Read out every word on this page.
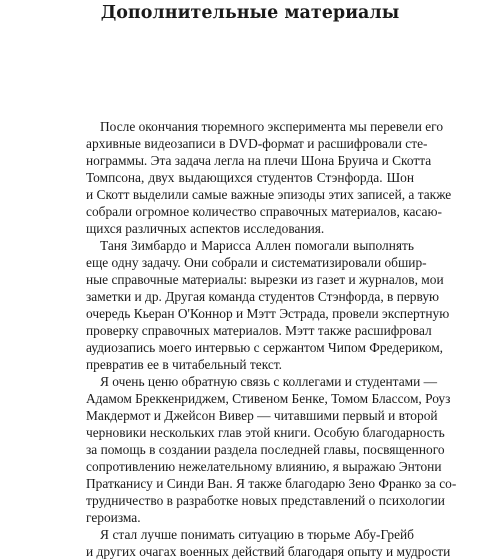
Дополнительные материалы
После окончания тюремного эксперимента мы перевели его
архивные видеозаписи в DVD-формат и расшифровали сте-
нограммы. Эта задача легла на плечи Шона Бруича и Скотта
Томпсона, двух выдающихся студентов Стэнфорда. Шон
и Скотт выделили самые важные эпизоды этих записей, а также
собрали огромное количество справочных материалов, касаю-
щихся различных аспектов исследования.
Таня Зимбардо и Марисса Аллен помогали выполнять
еще одну задачу. Они собрали и систематизировали обшир-
ные справочные материалы: вырезки из газет и журналов, мои
заметки и др. Другая команда студентов Стэнфорда, в первую
очередь Кьеран О'Коннор и Мэтт Эстрада, провели экспертную
проверку справочных материалов. Мэтт также расшифровал
аудиозапись моего интервью с сержантом Чипом Фредериком,
превратив ее в читабельный текст.
Я очень ценю обратную связь с коллегами и студентами —
Адамом Бреккенриджем, Стивеном Бенке, Томом Блассом, Роуз
Макдермот и Джейсон Вивер — читавшими первый и второй
черновики нескольких глав этой книги. Особую благодарность
за помощь в создании раздела последней главы, посвященного
сопротивлению нежелательному влиянию, я выражаю Энтони
Пратканису и Синди Ван. Я также благодарю Зено Франко за со-
трудничество в разработке новых представлений о психологии
героизма.
Я стал лучше понимать ситуацию в тюрьме Абу-Грейб
и других очагах военных действий благодаря опыту и мудрости
